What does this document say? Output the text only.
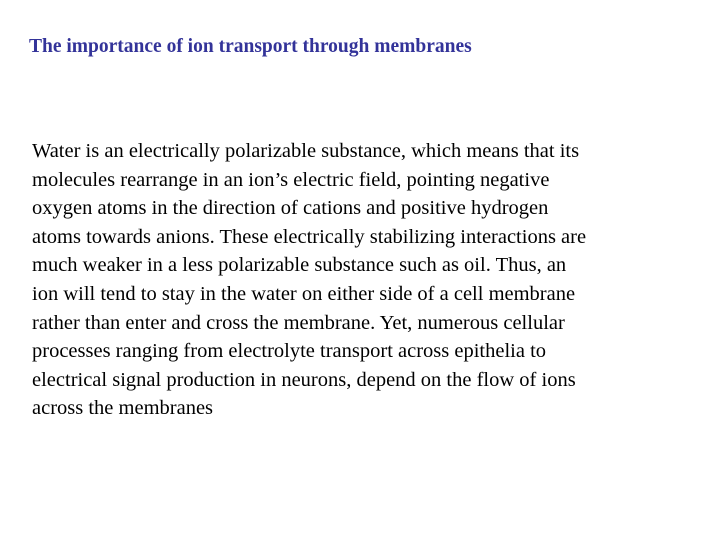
The importance of ion transport through membranes
Water is an electrically polarizable substance, which means that its
molecules rearrange in an ion’s electric field, pointing negative
oxygen atoms in the direction of cations and positive hydrogen
atoms towards anions. These electrically stabilizing interactions are
much weaker in a less polarizable substance such as oil. Thus, an
ion will tend to stay in the water on either side of a cell membrane
rather than enter and cross the membrane. Yet, numerous cellular
processes ranging from electrolyte transport across epithelia to
electrical signal production in neurons, depend on the flow of ions
across the membranes
